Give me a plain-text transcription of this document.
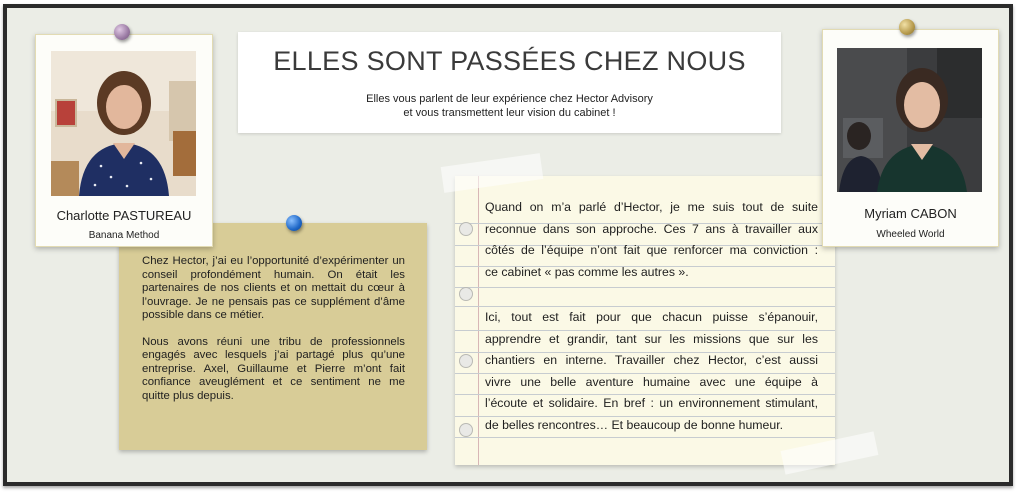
Charlotte PASTUREAU
Banana Method
ELLES SONT PASSÉES CHEZ NOUS
Elles vous parlent de leur expérience chez Hector Advisory
et vous transmettent leur vision du cabinet !
Myriam CABON
Wheeled World

Chez Hector, j’ai eu l’opportunité d’expérimenter un conseil profondément humain. On était les partenaires de nos clients et on mettait du cœur à l’ouvrage. Je ne pensais pas ce supplément d’âme possible dans ce métier.

Nous avons réuni une tribu de professionnels engagés avec lesquels j’ai partagé plus qu’une entreprise. Axel, Guillaume et Pierre m’ont fait confiance aveuglément et ce sentiment ne me quitte plus depuis.

Quand on m’a parlé d’Hector, je me suis tout de suite
reconnue dans son approche. Ces 7 ans à travailler aux
côtés de l’équipe n’ont fait que renforcer ma conviction :
ce cabinet « pas comme les autres ».
Ici, tout est fait pour que chacun puisse s’épanouir,
apprendre et grandir, tant sur les missions que sur les
chantiers en interne. Travailler chez Hector, c’est aussi
vivre une belle aventure humaine avec une équipe à
l’écoute et solidaire. En bref : un environnement stimulant,
de belles rencontres… Et beaucoup de bonne humeur.
